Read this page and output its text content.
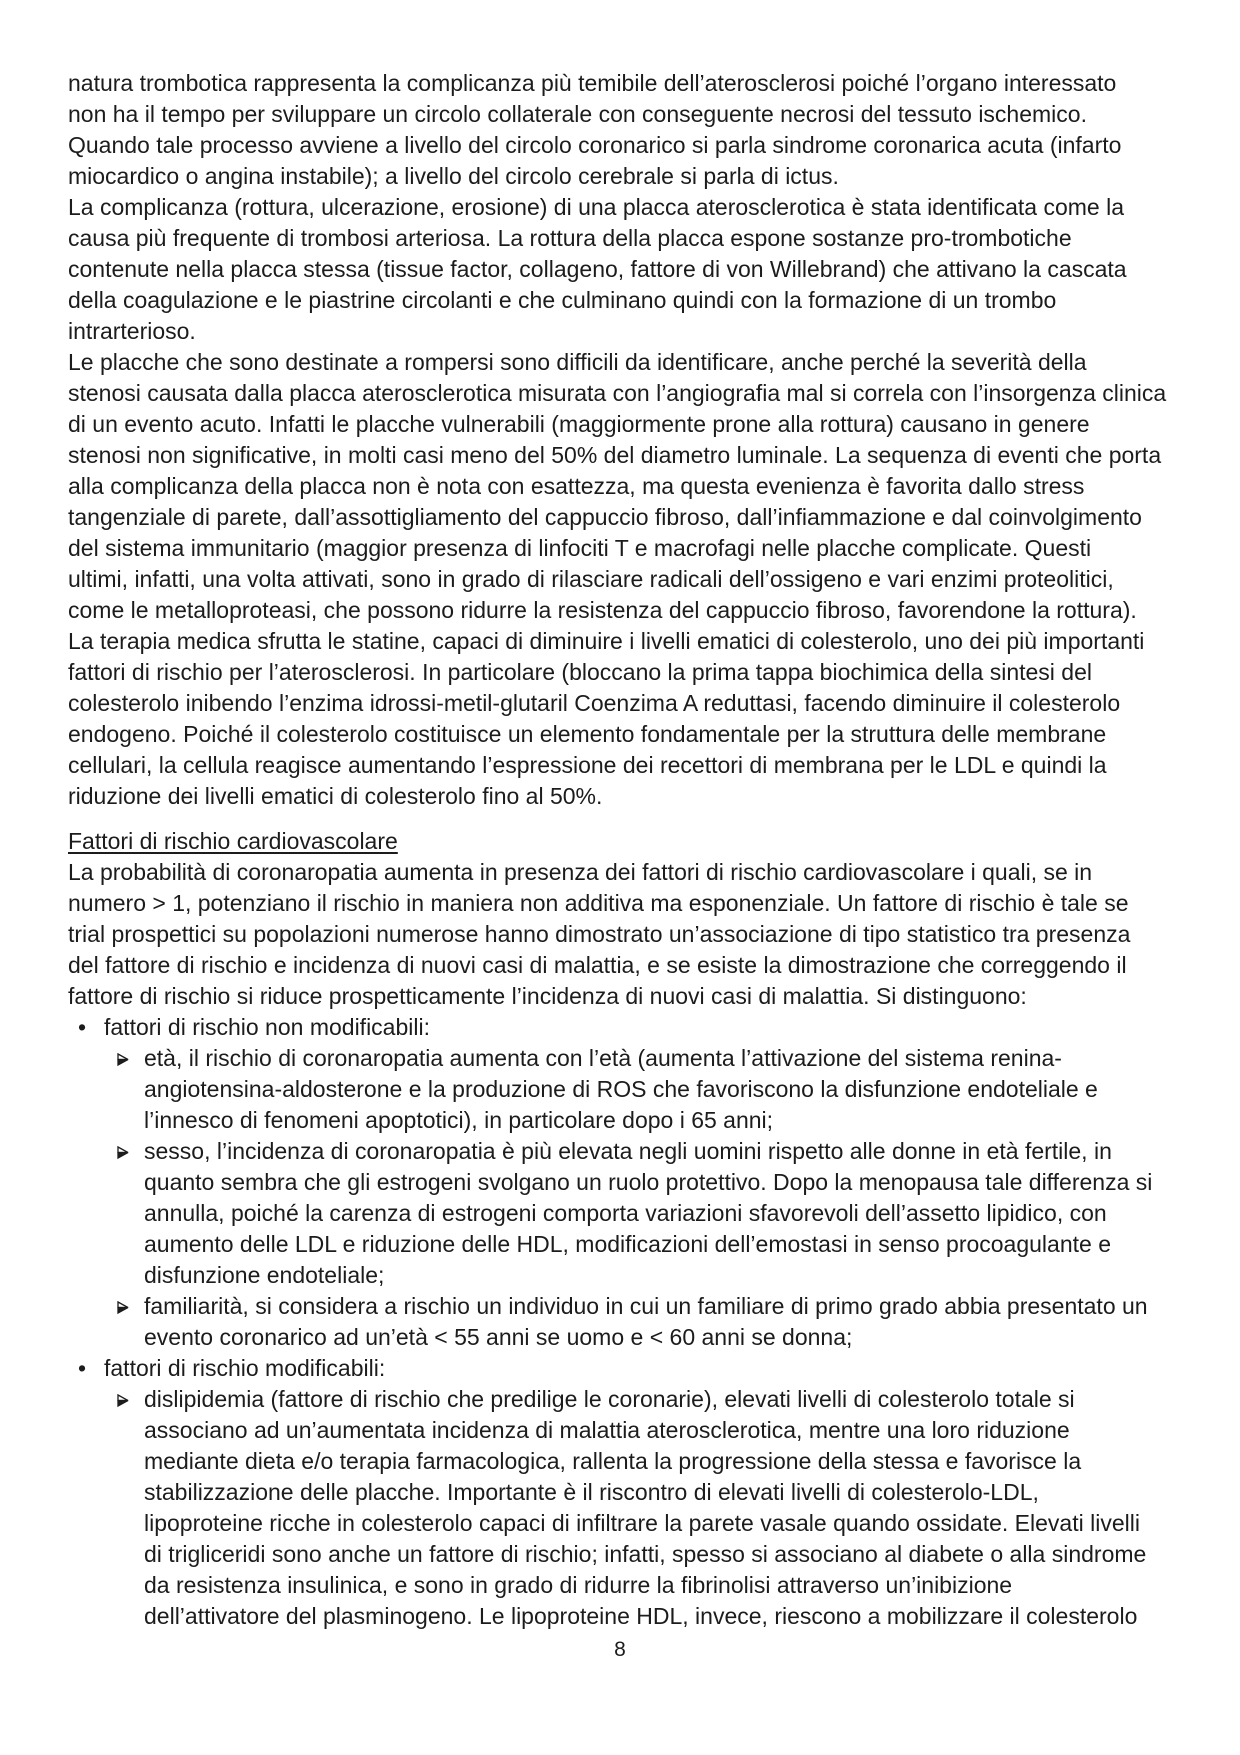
natura trombotica rappresenta la complicanza più temibile dell’aterosclerosi poiché l’organo interessato
non ha il tempo per sviluppare un circolo collaterale con conseguente necrosi del tessuto ischemico.
Quando tale processo avviene a livello del circolo coronarico si parla sindrome coronarica acuta (infarto
miocardico o angina instabile); a livello del circolo cerebrale si parla di ictus.
La complicanza (rottura, ulcerazione, erosione) di una placca aterosclerotica è stata identificata come la
causa più frequente di trombosi arteriosa. La rottura della placca espone sostanze pro-trombotiche
contenute nella placca stessa (tissue factor, collageno, fattore di von Willebrand) che attivano la cascata
della coagulazione e le piastrine circolanti e che culminano quindi con la formazione di un trombo
intrarterioso.
Le placche che sono destinate a rompersi sono difficili da identificare, anche perché la severità della
stenosi causata dalla placca aterosclerotica misurata con l’angiografia mal si correla con l’insorgenza clinica
di un evento acuto. Infatti le placche vulnerabili (maggiormente prone alla rottura) causano in genere
stenosi non significative, in molti casi meno del 50% del diametro luminale. La sequenza di eventi che porta
alla complicanza della placca non è nota con esattezza, ma questa evenienza è favorita dallo stress
tangenziale di parete, dall’assottigliamento del cappuccio fibroso, dall’infiammazione e dal coinvolgimento
del sistema immunitario (maggior presenza di linfociti T e macrofagi nelle placche complicate. Questi
ultimi, infatti, una volta attivati, sono in grado di rilasciare radicali dell’ossigeno e vari enzimi proteolitici,
come le metalloproteasi, che possono ridurre la resistenza del cappuccio fibroso, favorendone la rottura).
La terapia medica sfrutta le statine, capaci di diminuire i livelli ematici di colesterolo, uno dei più importanti
fattori di rischio per l’aterosclerosi. In particolare (bloccano la prima tappa biochimica della sintesi del
colesterolo inibendo l’enzima idrossi-metil-glutaril Coenzima A reduttasi, facendo diminuire il colesterolo
endogeno. Poiché il colesterolo costituisce un elemento fondamentale per la struttura delle membrane
cellulari, la cellula reagisce aumentando l’espressione dei recettori di membrana per le LDL e quindi la
riduzione dei livelli ematici di colesterolo fino al 50%.
Fattori di rischio cardiovascolare
La probabilità di coronaropatia aumenta in presenza dei fattori di rischio cardiovascolare i quali, se in
numero > 1, potenziano il rischio in maniera non additiva ma esponenziale. Un fattore di rischio è tale se
trial prospettici su popolazioni numerose hanno dimostrato un’associazione di tipo statistico tra presenza
del fattore di rischio e incidenza di nuovi casi di malattia, e se esiste la dimostrazione che correggendo il
fattore di rischio si riduce prospetticamente l’incidenza di nuovi casi di malattia. Si distinguono:
• fattori di rischio non modificabili:
età, il rischio di coronaropatia aumenta con l’età (aumenta l’attivazione del sistema renina-
angiotensina-aldosterone e la produzione di ROS che favoriscono la disfunzione endoteliale e
l’innesco di fenomeni apoptotici), in particolare dopo i 65 anni;
sesso, l’incidenza di coronaropatia è più elevata negli uomini rispetto alle donne in età fertile, in
quanto sembra che gli estrogeni svolgano un ruolo protettivo. Dopo la menopausa tale differenza si
annulla, poiché la carenza di estrogeni comporta variazioni sfavorevoli dell’assetto lipidico, con
aumento delle LDL e riduzione delle HDL, modificazioni dell’emostasi in senso procoagulante e
disfunzione endoteliale;
familiarità, si considera a rischio un individuo in cui un familiare di primo grado abbia presentato un
evento coronarico ad un’età < 55 anni se uomo e < 60 anni se donna;
• fattori di rischio modificabili:
dislipidemia (fattore di rischio che predilige le coronarie), elevati livelli di colesterolo totale si
associano ad un’aumentata incidenza di malattia aterosclerotica, mentre una loro riduzione
mediante dieta e/o terapia farmacologica, rallenta la progressione della stessa e favorisce la
stabilizzazione delle placche. Importante è il riscontro di elevati livelli di colesterolo-LDL,
lipoproteine ricche in colesterolo capaci di infiltrare la parete vasale quando ossidate. Elevati livelli
di trigliceridi sono anche un fattore di rischio; infatti, spesso si associano al diabete o alla sindrome
da resistenza insulinica, e sono in grado di ridurre la fibrinolisi attraverso un’inibizione
dell’attivatore del plasminogeno. Le lipoproteine HDL, invece, riescono a mobilizzare il colesterolo
8
